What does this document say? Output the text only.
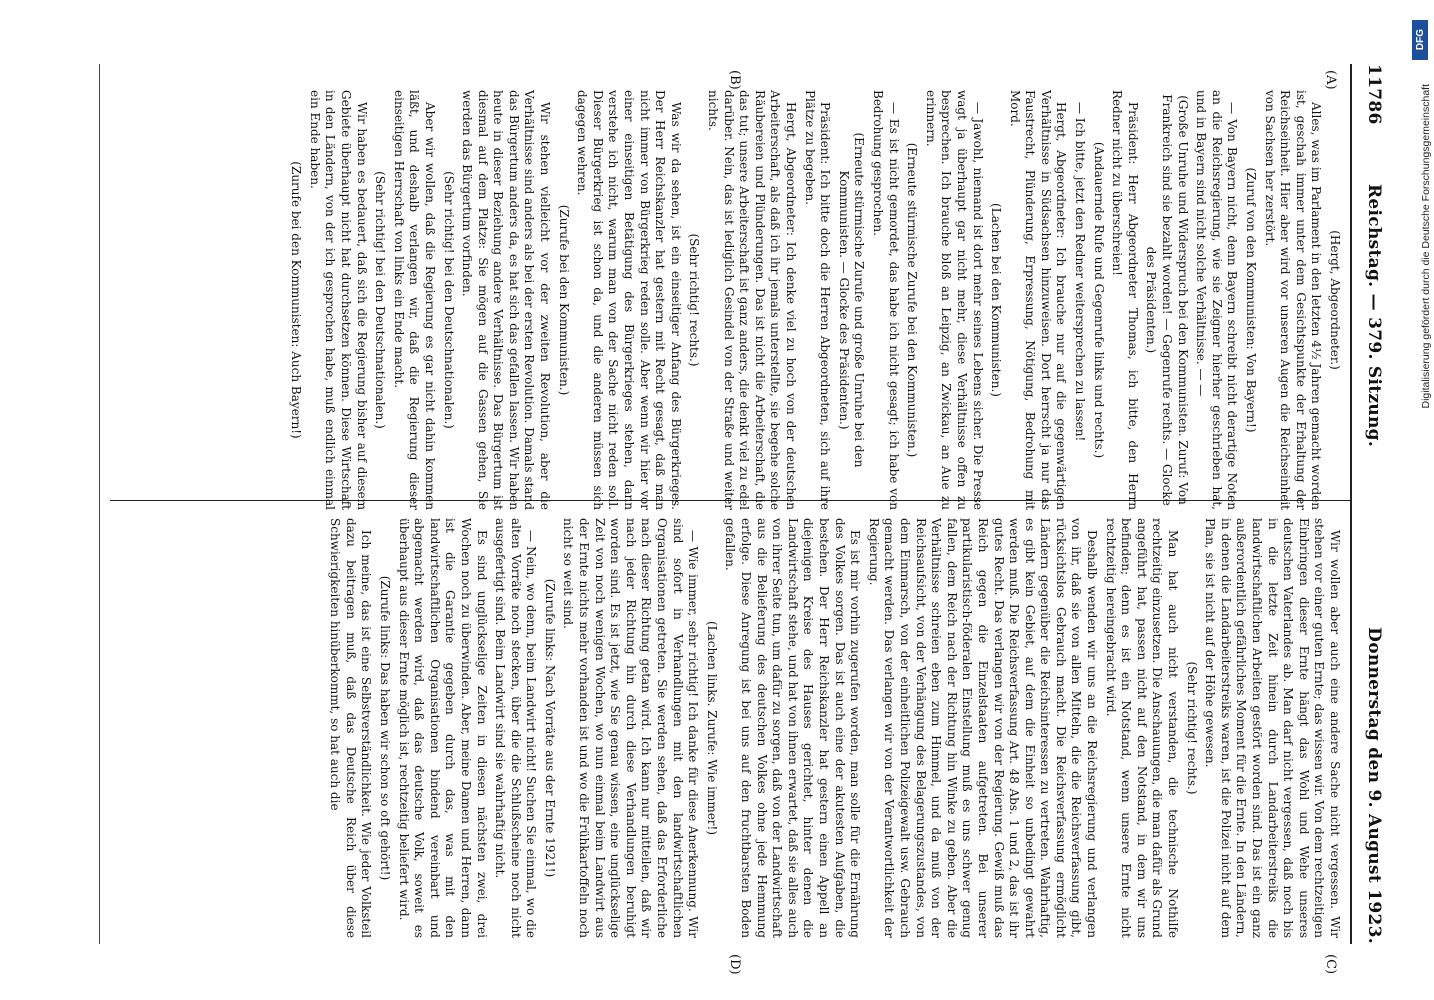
11786
Reichstag. — 379. Sitzung.
Donnerstag den 9. August 1923.
(A)
(B)
(C)
(D)

(Hergt, Abgeordneter.)

Alles, was im Parlament in den letzten 4½ Jahren gemacht worden ist, geschah immer unter dem Gesichtspunkte der Erhaltung der Reichseinheit. Hier aber wird vor unseren Augen die Reichseinheit von Sachsen her zerstört.

(Zuruf von den Kommunisten: Von Bayern!)

— Von Bayern nicht, denn Bayern schreibt nicht derartige Noten an die Reichsregierung, wie sie Zeigner hierher geschrieben hat, und in Bayern sind nicht solche Verhältnisse. — —

(Große Unruhe und Widerspruch bei den Kommunisten. Zuruf: Von Frankreich sind sie bezahlt worden! — Gegenrufe rechts. — Glocke des Präsidenten.)

Präsident: Herr Abgeordneter Thomas, ich bitte, den Herrn Redner nicht zu überschreien!

(Andauernde Rufe und Gegenrufe links und rechts.)

— Ich bitte, jetzt den Redner weitersprechen zu lassen!

Hergt, Abgeordneter: Ich brauche nur auf die gegenwärtigen Verhältnisse in Südsachsen hinzuweisen. Dort herrscht ja nur das Faustrecht, Plünderung, Erpressung, Nötigung, Bedrohung mit Mord.

(Lachen bei den Kommunisten.)

— Jawohl, niemand ist dort mehr seines Lebens sicher. Die Presse wagt ja überhaupt gar nicht mehr, diese Verhältnisse offen zu besprechen. Ich brauche bloß an Leipzig, an Zwickau, an Aue zu erinnern.

(Erneute stürmische Zurufe bei den Kommunisten.)

— Es ist nicht gemordet, das habe ich nicht gesagt; ich habe von Bedrohung gesprochen.

(Erneute stürmische Zurufe und große Unruhe bei den Kommunisten. — Glocke des Präsidenten.)

Präsident: Ich bitte doch die Herren Abgeordneten, sich auf ihre Plätze zu begeben.

Hergt, Abgeordneter: Ich denke viel zu hoch von der deutschen Arbeiterschaft, als daß ich ihr jemals unterstellte, sie begehe solche Räubereien und Plünderungen. Das ist nicht die Arbeiterschaft, die das tut; unsere Arbeiterschaft ist ganz anders, die denkt viel zu edel darüber. Nein, das ist lediglich Gesindel von der Straße und weiter nichts.

(Sehr richtig! rechts.)

Was wir da sehen, ist ein einseitiger Anfang des Bürgerkrieges. Der Herr Reichskanzler hat gestern mit Recht gesagt, daß man nicht immer von Bürgerkrieg reden solle. Aber wenn wir hier vor einer einseitigen Betätigung des Bürgerkrieges stehen, dann verstehe ich nicht, warum man von der Sache nicht reden soll. Dieser Bürgerkrieg ist schon da, und die anderen müssen sich dagegen wehren.

(Zurufe bei den Kommunisten.)

Wir stehen vielleicht vor der zweiten Revolution, aber die Verhältnisse sind anders als bei der ersten Revolution. Damals stand das Bürgertum anders da, es hat sich das gefallen lassen. Wir haben heute in dieser Beziehung andere Verhältnisse. Das Bürgertum ist diesmal auf dem Platze: Sie mögen auf die Gassen gehen, Sie werden das Bürgertum vorfinden.

(Sehr richtig! bei den Deutschnationalen.)

Aber wir wollen, daß die Regierung es gar nicht dahin kommen läßt, und deshalb verlangen wir, daß die Regierung dieser einseitigen Herrschaft von links ein Ende macht.

(Sehr richtig! bei den Deutschnationalen.)

Wir haben es bedauert, daß sich die Regierung bisher auf diesem Gebiete überhaupt nicht hat durchsetzen können. Diese Wirtschaft in den Ländern, von der ich gesprochen habe, muß endlich einmal ein Ende haben.

(Zurufe bei den Kommunisten: Auch Bayern!)

Wir wollen aber auch eine andere Sache nicht vergessen. Wir stehen vor einer guten Ernte; das wissen wir. Von dem rechtzeitigen Einbringen dieser Ernte hängt das Wohl und Wehe unseres deutschen Vaterlandes ab. Man darf nicht vergessen, daß noch bis in die letzte Zeit hinein durch Landarbeiterstreiks die landwirtschaftlichen Arbeiten gestört worden sind. Das ist ein ganz außerordentlich gefährliches Moment für die Ernte. In den Ländern, in denen die Landarbeiterstreiks waren, ist die Polizei nicht auf dem Plan, sie ist nicht auf der Höhe gewesen.

(Sehr richtig! rechts.)

Man hat auch nicht verstanden, die technische Nothilfe rechtzeitig einzusetzen. Die Anschauungen, die man dafür als Grund angeführt hat, passen nicht auf den Notstand, in dem wir uns befinden; denn es ist ein Notstand, wenn unsere Ernte nicht rechtzeitig hereingebracht wird.

Deshalb wenden wir uns an die Reichsregierung und verlangen von ihr, daß sie von allen Mitteln, die die Reichsverfassung gibt, rücksichtslos Gebrauch macht. Die Reichsverfassung ermöglicht Ländern gegenüber die Reichsinteressen zu vertreten. Wahrhaftig, es gibt kein Gebiet, auf dem die Einheit so unbedingt gewahrt werden muß. Die Reichsverfassung Art. 48 Abs. 1 und 2, das ist ihr gutes Recht. Das verlangen wir von der Regierung. Gewiß muß das Reich gegen die Einzelstaaten aufgetreten. Bei unserer partikularistisch-föderalen Einstellung muß es uns schwer genug fallen, dem Reich nach der Richtung hin Winke zu geben. Aber die Verhältnisse schreien eben zum Himmel, und da muß von der Reichsaufsicht, von der Verhängung des Belagerungszustandes, von dem Einmarsch, von der einheitlichen Polizeigewalt usw. Gebrauch gemacht werden. Das verlangen wir von der Verantwortlichkeit der Regierung.

Es ist mir vorhin zugerufen worden, man solle für die Ernährung des Volkes sorgen. Das ist auch eine der akutesten Aufgaben, die bestehen. Der Herr Reichskanzler hat gestern einen Appell an diejenigen Kreise des Hauses gerichtet, hinter denen die Landwirtschaft stehe, und hat von ihnen erwartet, daß sie alles auch von ihrer Seite tun, um dafür zu sorgen, daß von der Landwirtschaft aus die Belieferung des deutschen Volkes ohne jede Hemmung erfolge. Diese Anregung ist bei uns auf den fruchtbarsten Boden gefallen.

(Lachen links. Zurufe: Wie immer!)

— Wie immer, sehr richtig! Ich danke für diese Anerkennung. Wir sind sofort in Verhandlungen mit den landwirtschaftlichen Organisationen getreten. Sie werden sehen, daß das Erforderliche nach dieser Richtung getan wird. Ich kann nur mitteilen, daß wir nach jeder Richtung hin durch diese Verhandlungen beruhigt worden sind. Es ist jetzt, wie Sie genau wissen, eine unglückselige Zeit von noch wenigen Wochen, wo nun einmal beim Landwirt aus der Ernte nichts mehr vorhanden ist und wo die Frühkartoffeln noch nicht so weit sind.

(Zurufe links: Nach Vorräte aus der Ernte 1921!)

— Nein, wo denn, beim Landwirt nicht! Suchen Sie einmal, wo die alten Vorräte noch stecken, über die die Schlußscheine noch nicht ausgefertigt sind. Beim Landwirt sind sie wahrhaftig nicht.

Es sind unglückselige Zeiten in diesen nächsten zwei, drei Wochen noch zu überwinden. Aber, meine Damen und Herren, dann ist die Garantie gegeben durch das, was mit den landwirtschaftlichen Organisationen bindend vereinbart und abgemacht werden wird, daß das deutsche Volk, soweit es überhaupt aus dieser Ernte möglich ist, rechtzeitig beliefert wird.

(Zurufe links: Das haben wir schon so oft gehört!)

Ich meine, das ist eine Selbstverständlichkeit. Wie jeder Volksteil dazu beitragen muß, daß das Deutsche Reich über diese Schwierigkeiten hinüberkommt, so hat auch die

DFG
Digitalisierung gefördert durch die Deutsche Forschungsgemeinschaft
